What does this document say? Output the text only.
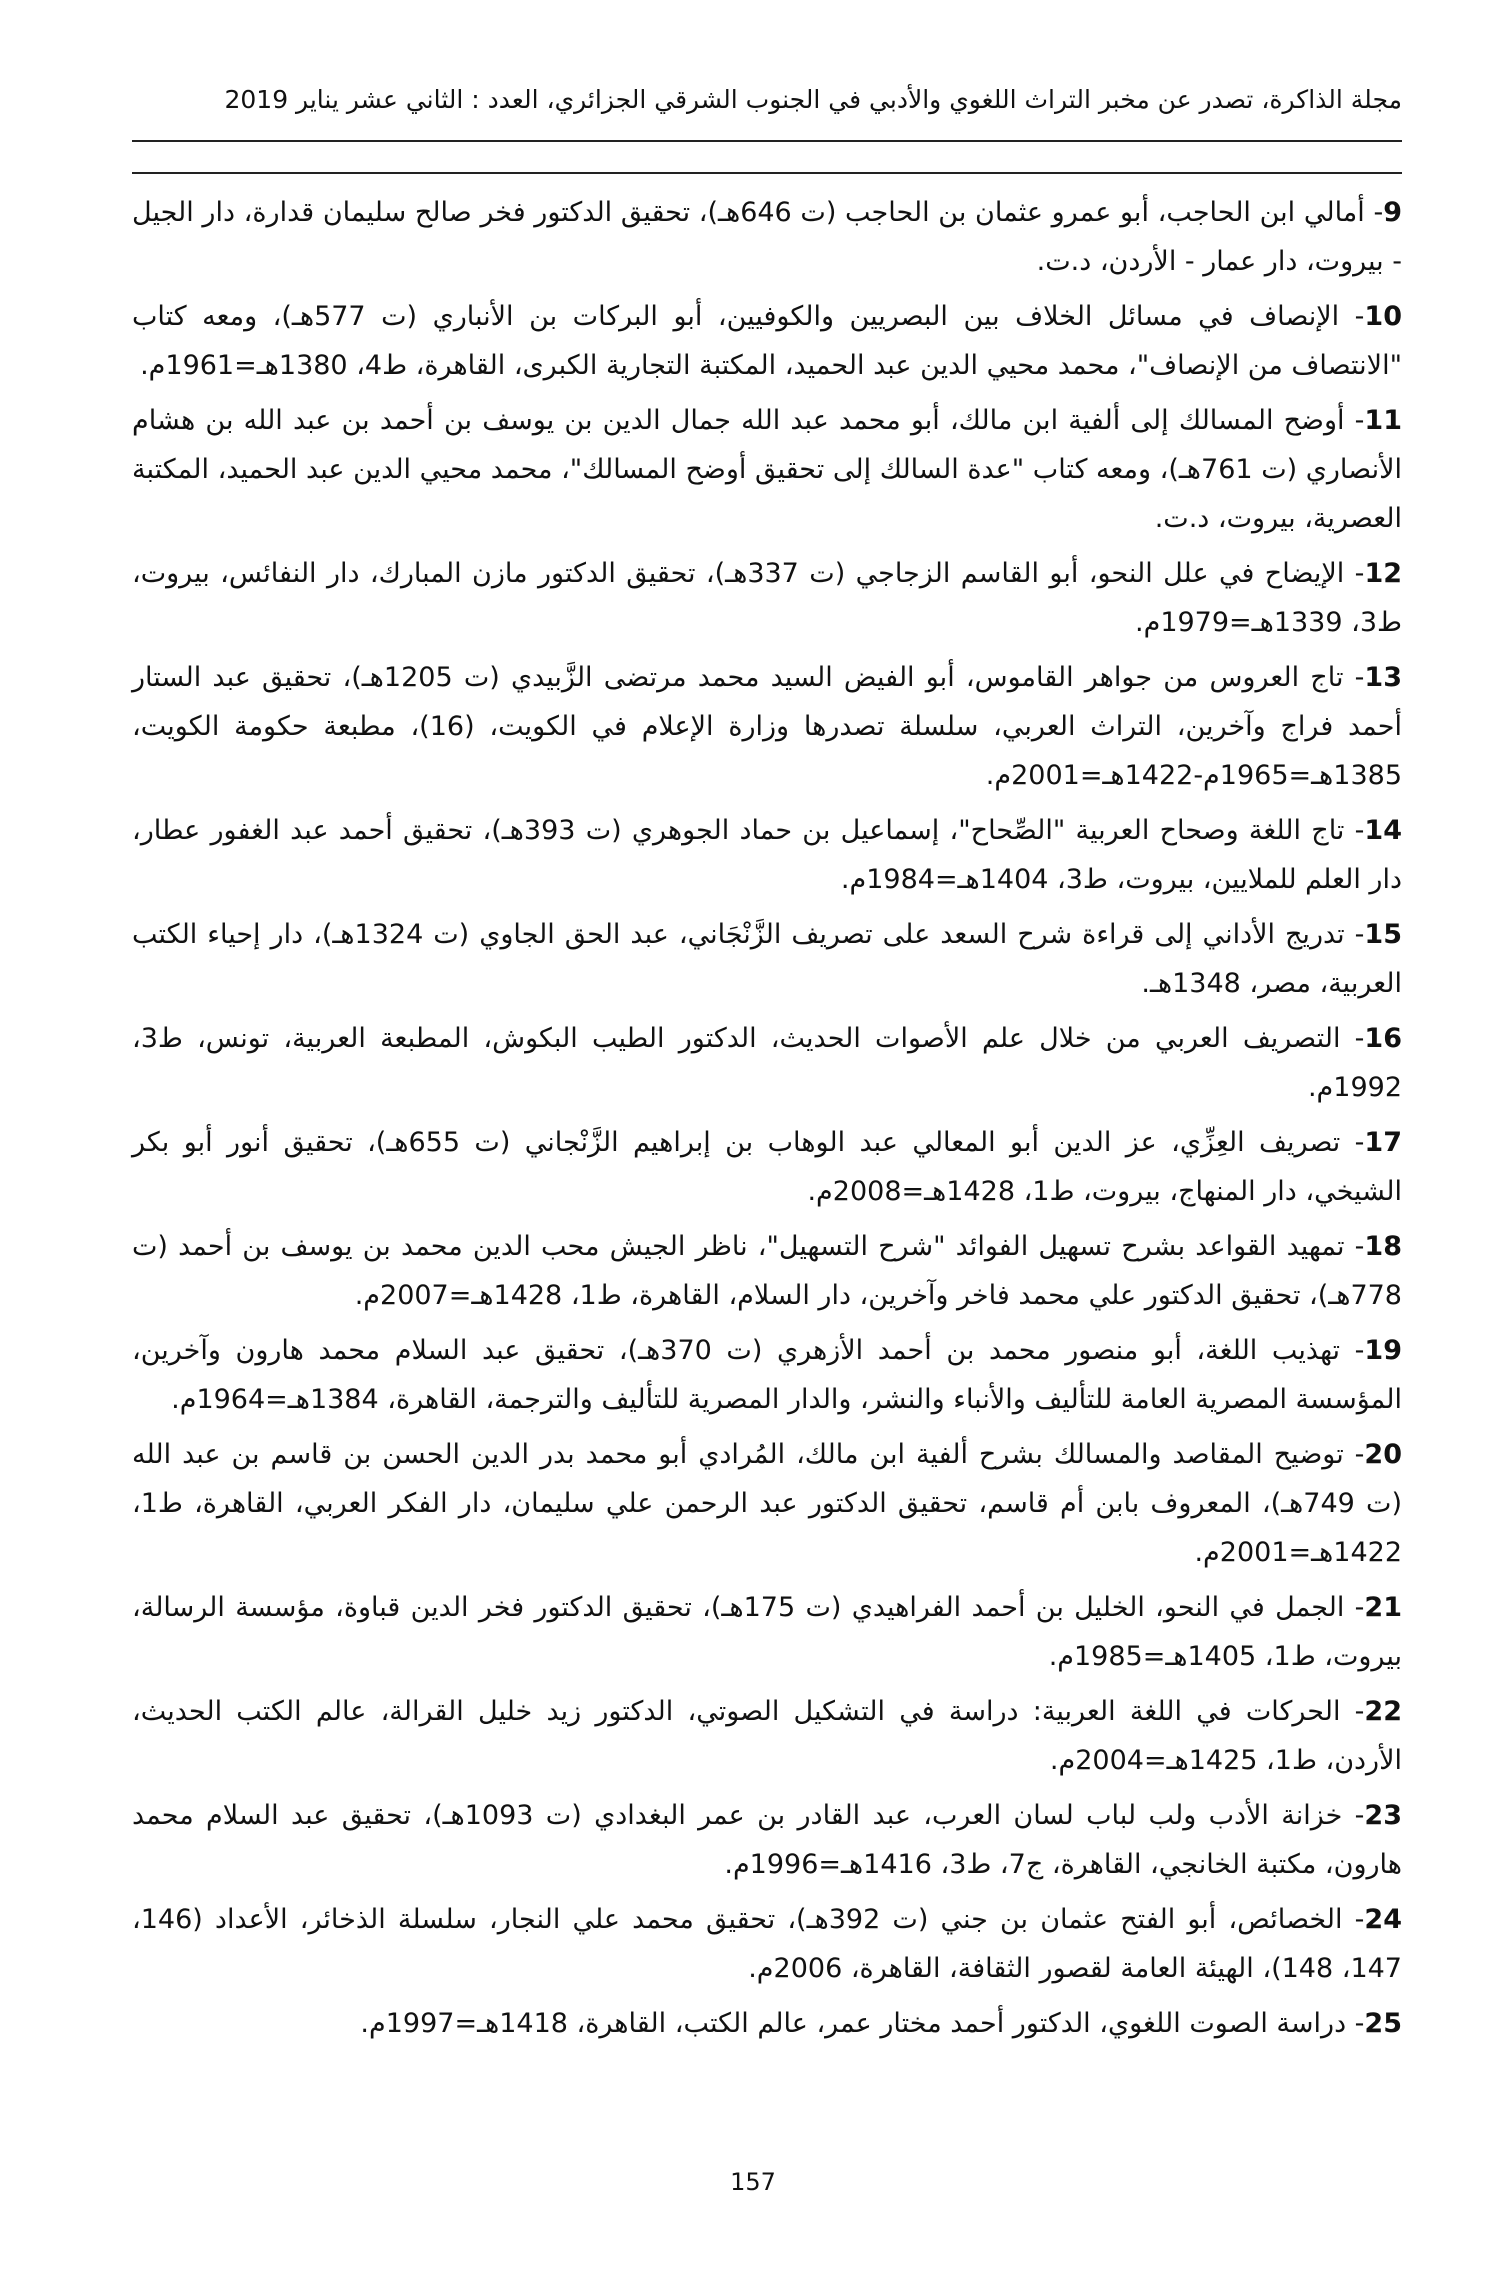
مجلة الذاكرة، تصدر عن مخبر التراث اللغوي والأدبي في الجنوب الشرقي الجزائري، العدد : الثاني عشر يناير 2019

9- أمالي ابن الحاجب، أبو عمرو عثمان بن الحاجب (ت 646هـ)، تحقيق الدكتور فخر صالح سليمان قدارة، دار الجيل - بيروت، دار عمار - الأردن، د.ت.

10- الإنصاف في مسائل الخلاف بين البصريين والكوفيين، أبو البركات بن الأنباري (ت 577هـ)، ومعه كتاب "الانتصاف من الإنصاف"، محمد محيي الدين عبد الحميد، المكتبة التجارية الكبرى، القاهرة، ط4، 1380هـ=1961م.

11- أوضح المسالك إلى ألفية ابن مالك، أبو محمد عبد الله جمال الدين بن يوسف بن أحمد بن عبد الله بن هشام الأنصاري (ت 761هـ)، ومعه كتاب "عدة السالك إلى تحقيق أوضح المسالك"، محمد محيي الدين عبد الحميد، المكتبة العصرية، بيروت، د.ت.

12- الإيضاح في علل النحو، أبو القاسم الزجاجي (ت 337هـ)، تحقيق الدكتور مازن المبارك، دار النفائس، بيروت، ط3، 1339هـ=1979م.

13- تاج العروس من جواهر القاموس، أبو الفيض السيد محمد مرتضى الزَّبيدي (ت 1205هـ)، تحقيق عبد الستار أحمد فراج وآخرين، التراث العربي، سلسلة تصدرها وزارة الإعلام في الكويت، (16)، مطبعة حكومة الكويت، 1385هـ=1965م-1422هـ=2001م.

14- تاج اللغة وصحاح العربية "الصِّحاح"، إسماعيل بن حماد الجوهري (ت 393هـ)، تحقيق أحمد عبد الغفور عطار، دار العلم للملايين، بيروت، ط3، 1404هـ=1984م.

15- تدريج الأداني إلى قراءة شرح السعد على تصريف الزَّنْجَاني، عبد الحق الجاوي (ت 1324هـ)، دار إحياء الكتب العربية، مصر، 1348هـ.

16- التصريف العربي من خلال علم الأصوات الحديث، الدكتور الطيب البكوش، المطبعة العربية، تونس، ط3، 1992م.

17- تصريف العِزِّي، عز الدين أبو المعالي عبد الوهاب بن إبراهيم الزَّنْجاني (ت 655هـ)، تحقيق أنور أبو بكر الشيخي، دار المنهاج، بيروت، ط1، 1428هـ=2008م.

18- تمهيد القواعد بشرح تسهيل الفوائد "شرح التسهيل"، ناظر الجيش محب الدين محمد بن يوسف بن أحمد (ت 778هـ)، تحقيق الدكتور علي محمد فاخر وآخرين، دار السلام، القاهرة، ط1، 1428هـ=2007م.

19- تهذيب اللغة، أبو منصور محمد بن أحمد الأزهري (ت 370هـ)، تحقيق عبد السلام محمد هارون وآخرين، المؤسسة المصرية العامة للتأليف والأنباء والنشر، والدار المصرية للتأليف والترجمة، القاهرة، 1384هـ=1964م.

20- توضيح المقاصد والمسالك بشرح ألفية ابن مالك، المُرادي أبو محمد بدر الدين الحسن بن قاسم بن عبد الله (ت 749هـ)، المعروف بابن أم قاسم، تحقيق الدكتور عبد الرحمن علي سليمان، دار الفكر العربي، القاهرة، ط1، 1422هـ=2001م.

21- الجمل في النحو، الخليل بن أحمد الفراهيدي (ت 175هـ)، تحقيق الدكتور فخر الدين قباوة، مؤسسة الرسالة، بيروت، ط1، 1405هـ=1985م.

22- الحركات في اللغة العربية: دراسة في التشكيل الصوتي، الدكتور زيد خليل القرالة، عالم الكتب الحديث، الأردن، ط1، 1425هـ=2004م.

23- خزانة الأدب ولب لباب لسان العرب، عبد القادر بن عمر البغدادي (ت 1093هـ)، تحقيق عبد السلام محمد هارون، مكتبة الخانجي، القاهرة، ج7، ط3، 1416هـ=1996م.

24- الخصائص، أبو الفتح عثمان بن جني (ت 392هـ)، تحقيق محمد علي النجار، سلسلة الذخائر، الأعداد (146، 147، 148)، الهيئة العامة لقصور الثقافة، القاهرة، 2006م.

25- دراسة الصوت اللغوي، الدكتور أحمد مختار عمر، عالم الكتب، القاهرة، 1418هـ=1997م.

157
